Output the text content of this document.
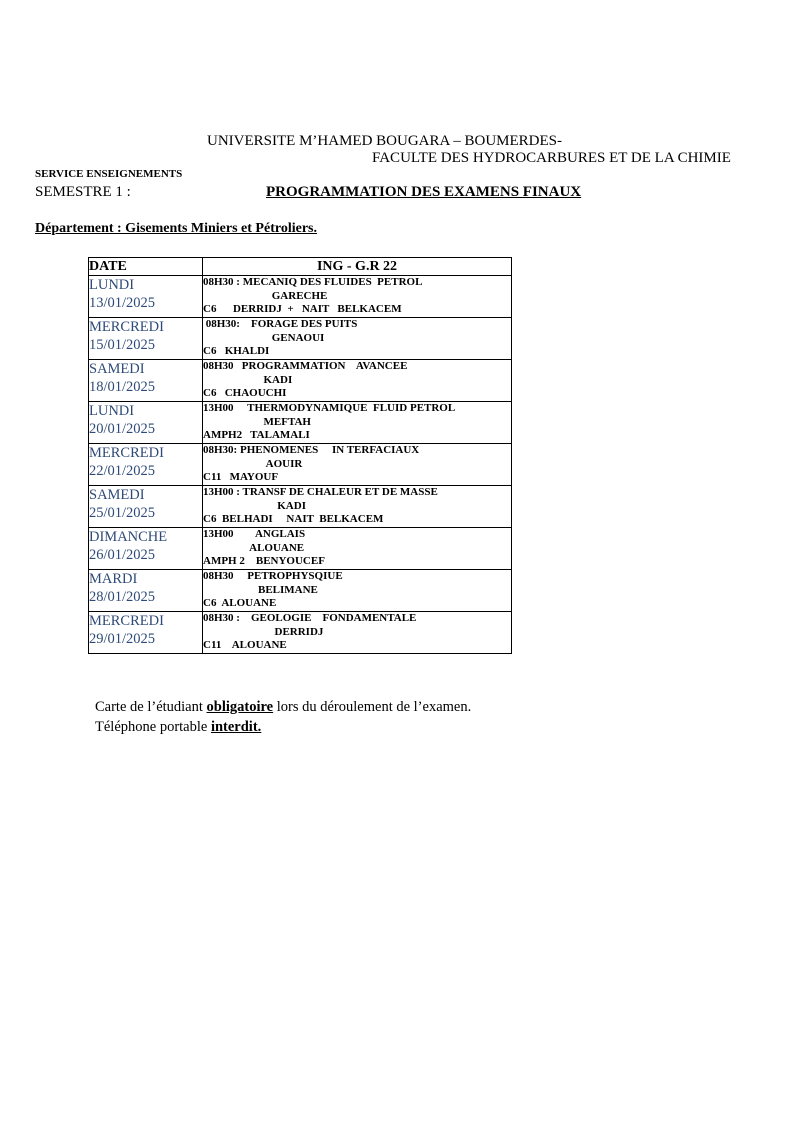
UNIVERSITE M’HAMED BOUGARA – BOUMERDES-
FACULTE DES HYDROCARBURES ET DE LA CHIMIE
SERVICE ENSEIGNEMENTS
SEMESTRE 1 :	PROGRAMMATION DES EXAMENS FINAUX
Département : Gisements Miniers et Pétroliers.
DATE	ING - G.R 22

LUNDI
13/01/2025	08H30 : MECANIQ DES FLUIDES  PETROL
GARECHE
C6      DERRIDJ  +   NAIT   BELKACEM

MERCREDI
15/01/2025	08H30:    FORAGE DES PUITS
GENAOUI
C6   KHALDI

SAMEDI
18/01/2025	08H30   PROGRAMMATION    AVANCEE
KADI
C6   CHAOUCHI

LUNDI
20/01/2025	13H00     THERMODYNAMIQUE  FLUID PETROL
MEFTAH
AMPH2   TALAMALI

MERCREDI
22/01/2025	08H30: PHENOMENES     IN TERFACIAUX
AOUIR
C11   MAYOUF

SAMEDI
25/01/2025	13H00 : TRANSF DE CHALEUR ET DE MASSE
KADI
C6  BELHADI     NAIT  BELKACEM

DIMANCHE
26/01/2025	13H00        ANGLAIS
ALOUANE
AMPH 2    BENYOUCEF

MARDI
28/01/2025	08H30     PETROPHYSQIUE
BELIMANE
C6  ALOUANE

MERCREDI
29/01/2025	08H30 :    GEOLOGIE    FONDAMENTALE
DERRIDJ
C11    ALOUANE
Carte de l’étudiant obligatoire lors du déroulement de l’examen.
Téléphone portable interdit.
